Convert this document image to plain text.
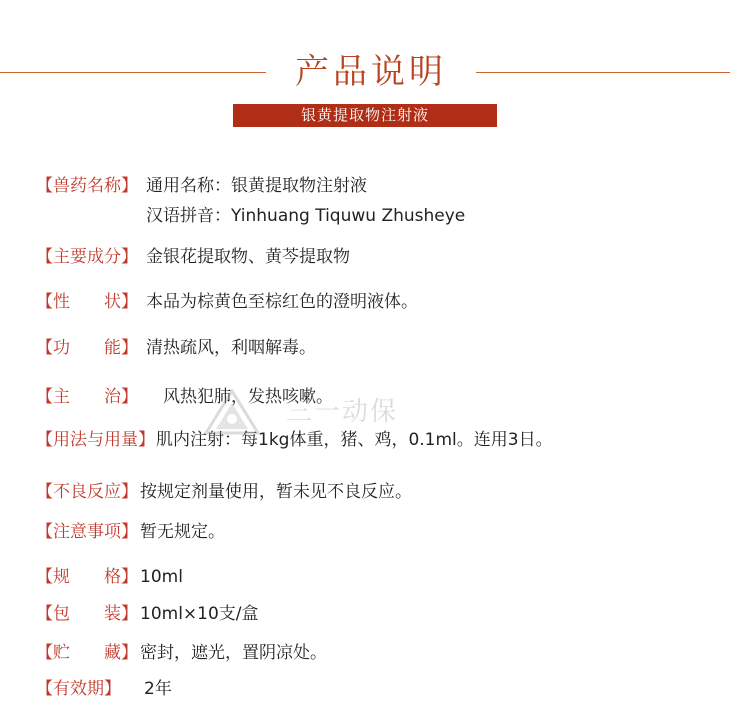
产品说明
银黄提取物注射液
【兽药名称】 通用名称：银黄提取物注射液
汉语拼音：Yinhuang Tiquwu Zhusheye
【主要成分】 金银花提取物、黄芩提取物
【性　　状】 本品为棕黄色至棕红色的澄明液体。
【功　　能】 清热疏风，利咽解毒。
【主　　治】　风热犯肺，发热咳嗽。
【用法与用量】肌内注射：每1kg体重，猪、鸡，0.1ml。连用3日。
【不良反应】 按规定剂量使用，暂未见不良反应。
【注意事项】 暂无规定。
【规　　格】 10ml
【包　　装】 10ml×10支/盒
【贮　　藏】 密封，遮光，置阴凉处。
【有效期】 2年
三一动保
